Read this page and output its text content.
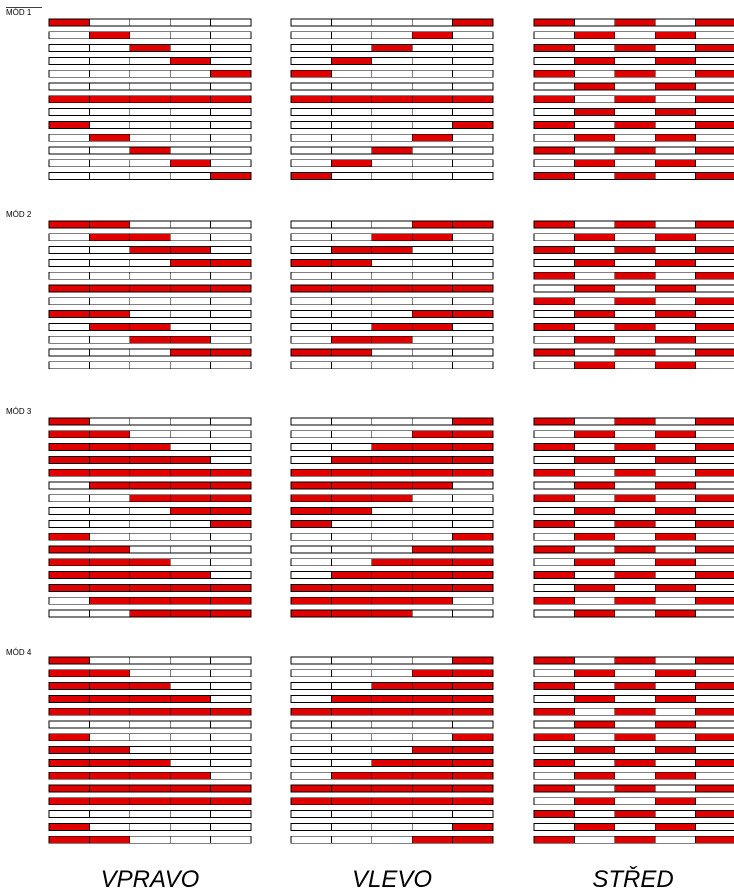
MÓD 1
MÓD 2
MÓD 3
MÓD 4
VPRAVO	VLEVO	STŘED
